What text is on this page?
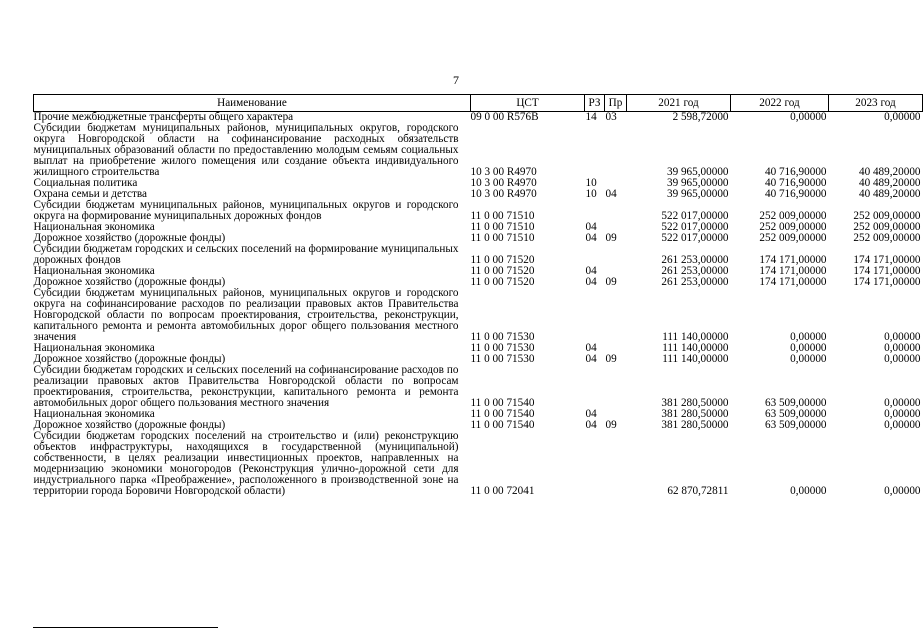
7
Наименование	ЦСТ	РЗ	Пр	2021 год	2022 год	2023 год
Прочие межбюджетные трансферты общего характера	09 0 00 R576В	14	03	2 598,72000	0,00000	0,00000
Субсидии бюджетам муниципальных районов, муниципальных округов, городского округа Новгородской области на софинансирование расходных обязательств муниципальных образований области по предоставлению молодым семьям социальных выплат на приобретение жилого помещения или создание объекта индивидуального жилищного строительства	10 3 00 R4970			39 965,00000	40 716,90000	40 489,20000
Социальная политика	10 3 00 R4970	10		39 965,00000	40 716,90000	40 489,20000
Охрана семьи и детства	10 3 00 R4970	10	04	39 965,00000	40 716,90000	40 489,20000
Субсидии бюджетам муниципальных районов, муниципальных округов и городского округа на формирование муниципальных дорожных фондов	11 0 00 71510			522 017,00000	252 009,00000	252 009,00000
Национальная экономика	11 0 00 71510	04		522 017,00000	252 009,00000	252 009,00000
Дорожное хозяйство (дорожные фонды)	11 0 00 71510	04	09	522 017,00000	252 009,00000	252 009,00000
Субсидии бюджетам городских и сельских поселений на формирование муниципальных дорожных фондов	11 0 00 71520			261 253,00000	174 171,00000	174 171,00000
Национальная экономика	11 0 00 71520	04		261 253,00000	174 171,00000	174 171,00000
Дорожное хозяйство (дорожные фонды)	11 0 00 71520	04	09	261 253,00000	174 171,00000	174 171,00000
Субсидии бюджетам муниципальных районов, муниципальных округов и городского округа на софинансирование расходов по реализации правовых актов Правительства Новгородской области по вопросам проектирования, строительства, реконструкции, капитального ремонта и ремонта автомобильных дорог общего пользования местного значения	11 0 00 71530			111 140,00000	0,00000	0,00000
Национальная экономика	11 0 00 71530	04		111 140,00000	0,00000	0,00000
Дорожное хозяйство (дорожные фонды)	11 0 00 71530	04	09	111 140,00000	0,00000	0,00000
Субсидии бюджетам городских и сельских поселений на софинансирование расходов по реализации правовых актов Правительства Новгородской области по вопросам проектирования, строительства, реконструкции, капитального ремонта и ремонта автомобильных дорог общего пользования местного значения	11 0 00 71540			381 280,50000	63 509,00000	0,00000
Национальная экономика	11 0 00 71540	04		381 280,50000	63 509,00000	0,00000
Дорожное хозяйство (дорожные фонды)	11 0 00 71540	04	09	381 280,50000	63 509,00000	0,00000
Субсидии бюджетам городских поселений на строительство и (или) реконструкцию объектов инфраструктуры, находящихся в государственной (муниципальной) собственности, в целях реализации инвестиционных проектов, направленных на модернизацию экономики моногородов (Реконструкция улично-дорожной сети для индустриального парка «Преображение», расположенного в производственной зоне на территории города Боровичи Новгородской области)	11 0 00 72041			62 870,72811	0,00000	0,00000
